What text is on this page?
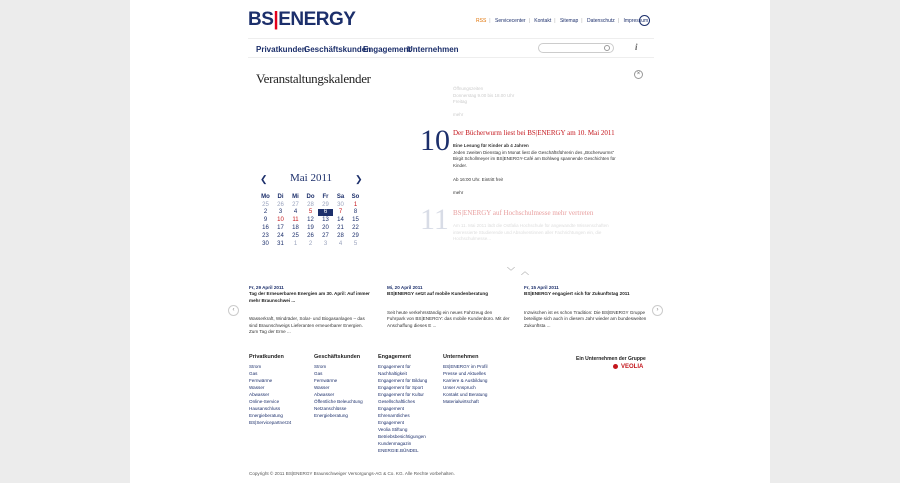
BS|ENERGY	RSS | Servicecenter | Kontakt | Sitemap | Datenschutz | Impressum
Privatkunden
Geschäftskunden
Engagement
Unternehmen	i
Veranstaltungskalender	×
Öffnungszeiten
Donnerstag 9.00 bis 18.00 Uhr
Freitag
mehr
10 Der Bücherwurm liest bei BS|ENERGY am 10. Mai 2011
Eine Lesung für Kinder ab 4 Jahren
Jeden zweiten Dienstag im Monat liest die Geschäftsführerin des „Bücherwurms“ Birgit Schollmeyer im BS|ENERGY-Café am Bohlweg spannende Geschichten für Kinder.
Ab 16:00 Uhr. Eintritt frei!
mehr
11 BS|ENERGY auf Hochschulmesse mehr vertreten
Am 11. Mai 2011 lädt die Ostfalia Hochschule für angewandte Wissenschaften interessierte Studierende und Absolventinnen aller Fachrichtungen ein, die Hochschulmesse...
❮ Mai 2011	❯
Mo	Di	Mi	Do	Fr	Sa	So
25	26	27	28	29	30	1
2	3	4	5	6	7	8
9	10	11	12	13	14	15
16	17	18	19	20	21	22
23	24	25	26	27	28	29
30	31	1	2	3	4	5
﹀ ︿
‹	›
Fr, 29 April 2011
Tag der Erneuerbaren Energien am 30. April: Auf immer mehr Braunschwei ...
Wasserkraft, Windräder, Solar- und Biogasanlagen – das sind Braunschweigs Lieferanten erneuerbarer Energien. Zum Tag der Erne ...
Mi, 20 April 2011
BS|ENERGY setzt auf mobile Kundenberatung
Seit heute verkehrsständig ein neues Fahrzeug den Fuhrpark von BS|ENERGY: das mobile Kundenbüro. Mit der Anschaffung dieses E ...
Fr, 15 April 2011
BS|ENERGY engagiert sich für Zukunftstag 2011
Inzwischen ist es schon Tradition: Die BS|ENERGY Gruppe beteiligte sich auch in diesem Jahr wieder am bundesweiten Zukunftsta ...
Privatkunden
Strom
Gas
Fernwärme
Wasser
Abwasser
Online-Service
Hausanschluss
Energieberatung
BS|Servicepartner24
Geschäftskunden
Strom
Gas
Fernwärme
Wasser
Abwasser
Öffentliche Beleuchtung
Netzanschlüsse
Energieberatung
Engagement
Engagement für
Nachhaltigkeit
Engagement für Bildung
Engagement für Sport
Engagement für Kultur
Gesellschaftliches
Engagement
Ehrenamtliches
Engagement
Veolia Stiftung
Betriebsbesichtigungen
Kundenmagazin
ENERGIE.BÜNDEL
Unternehmen
BS|ENERGY im Profil
Presse und Aktuelles
Karriere & Ausbildung
Unser Anspruch
Kontakt und Beratung
Materialwirtschaft
Ein Unternehmen der Gruppe
VEOLIA
Copyright © 2011 BS|ENERGY Braunschweiger Versorgungs-AG & Co. KG. Alle Rechte vorbehalten.
